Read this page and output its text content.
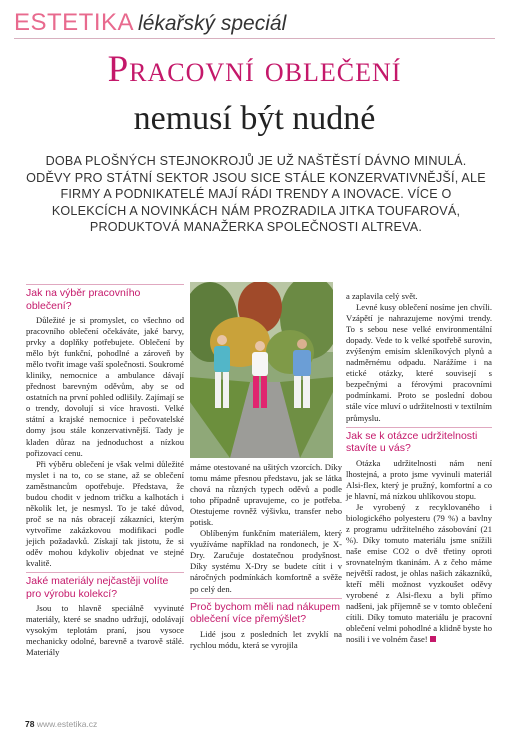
ESTETIKA lékařský speciál
Pracovní oblečení
nemusí být nudné
DOBA PLOŠNÝCH STEJNOKROJŮ JE UŽ NAŠTĚSTÍ DÁVNO MINULÁ. ODĚVY PRO STÁTNÍ SEKTOR JSOU SICE STÁLE KONZERVATIVNĚJŠÍ, ALE FIRMY A PODNIKATELÉ MAJÍ RÁDI TRENDY A INOVACE. VÍCE O KOLEKCÍCH A NOVINKÁCH NÁM PROZRADILA JITKA TOUFAROVÁ, PRODUKTOVÁ MANAŽERKA SPOLEČNOSTI ALTREVA.
Jak na výběr pracovního oblečení?

Důležité je si promyslet, co všechno od pracovního oblečení očekáváte, jaké barvy, prvky a doplňky potřebujete. Oblečení by mělo být funkční, pohodlné a zároveň by mělo tvořit image vaší společnosti. Soukromé kliniky, nemocnice a ambulance dávají přednost barevným oděvům, aby se od ostatních na první pohled odlišily. Zajímají se o trendy, dovolují si více hravosti. Velké státní a krajské nemocnice i pečovatelské domy jsou stále konzervativnější. Tady je kladen důraz na jednoduchost a nízkou pořizovací cenu.

Při výběru oblečení je však velmi důležité myslet i na to, co se stane, až se oblečení zaměstnancům opotřebuje. Představa, že budou chodit v jednom tričku a kalhotách i několik let, je nesmysl. To je také důvod, proč se na nás obracejí zákazníci, kterým vytvoříme zakázkovou modifikaci podle jejich požadavků. Získají tak jistotu, že si oděv mohou kdykoliv objednat ve stejné kvalitě.

Jaké materiály nejčastěji volíte pro výrobu kolekcí?

Jsou to hlavně speciálně vyvinuté materiály, které se snadno udržují, odolávají vysokým teplotám praní, jsou vysoce mechanicky odolné, barevně a tvarově stálé. Materiály

máme otestované na ušitých vzorcích. Díky tomu máme přesnou představu, jak se látka chová na různých typech oděvů a podle toho případně upravujeme, co je potřeba. Otestujeme rovněž výšivku, transfer nebo potisk.

Oblíbeným funkčním materiálem, který využíváme například na rondonech, je X-Dry. Zaručuje dostatečnou prodyšnost. Díky systému X-Dry se budete cítit i v náročných podmínkách komfortně a svěže po celý den.

Proč bychom měli nad nákupem oblečení více přemýšlet?

Lidé jsou z posledních let zvyklí na rychlou módu, která se vyrojila

a zaplavila celý svět.

Levné kusy oblečení nosíme jen chvíli. Vzápětí je nahrazujeme novými trendy. To s sebou nese velké environmentální dopady. Vede to k velké spotřebě surovin, zvýšeným emisím skleníkových plynů a nadměrnému odpadu. Narážíme i na etické otázky, které souvisejí s bezpečnými a férovými pracovními podmínkami. Proto se poslední dobou stále více mluví o udržitelnosti v textilním průmyslu.

Jak se k otázce udržitelnosti stavíte u vás?

Otázka udržitelnosti nám není lhostejná, a proto jsme vyvinuli materiál Alsi-flex, který je pružný, komfortní a co je hlavní, má nízkou uhlíkovou stopu.

Je vyrobený z recyklovaného i biologického polyesteru (79 %) a bavlny z programu udržitelného zásobování (21 %). Díky tomuto materiálu jsme snížili naše emise CO2 o dvě třetiny oproti srovnatelným tkaninám. A z čeho máme největší radost, je ohlas našich zákazníků, kteří měli možnost vyzkoušet oděvy vyrobené z Alsi-flexu a byli přímo nadšeni, jak příjemně se v tomto oblečení cítili. Díky tomuto materiálu je pracovní oblečení velmi pohodlné a klidně byste ho nosili i ve volném čase!

78 www.estetika.cz
